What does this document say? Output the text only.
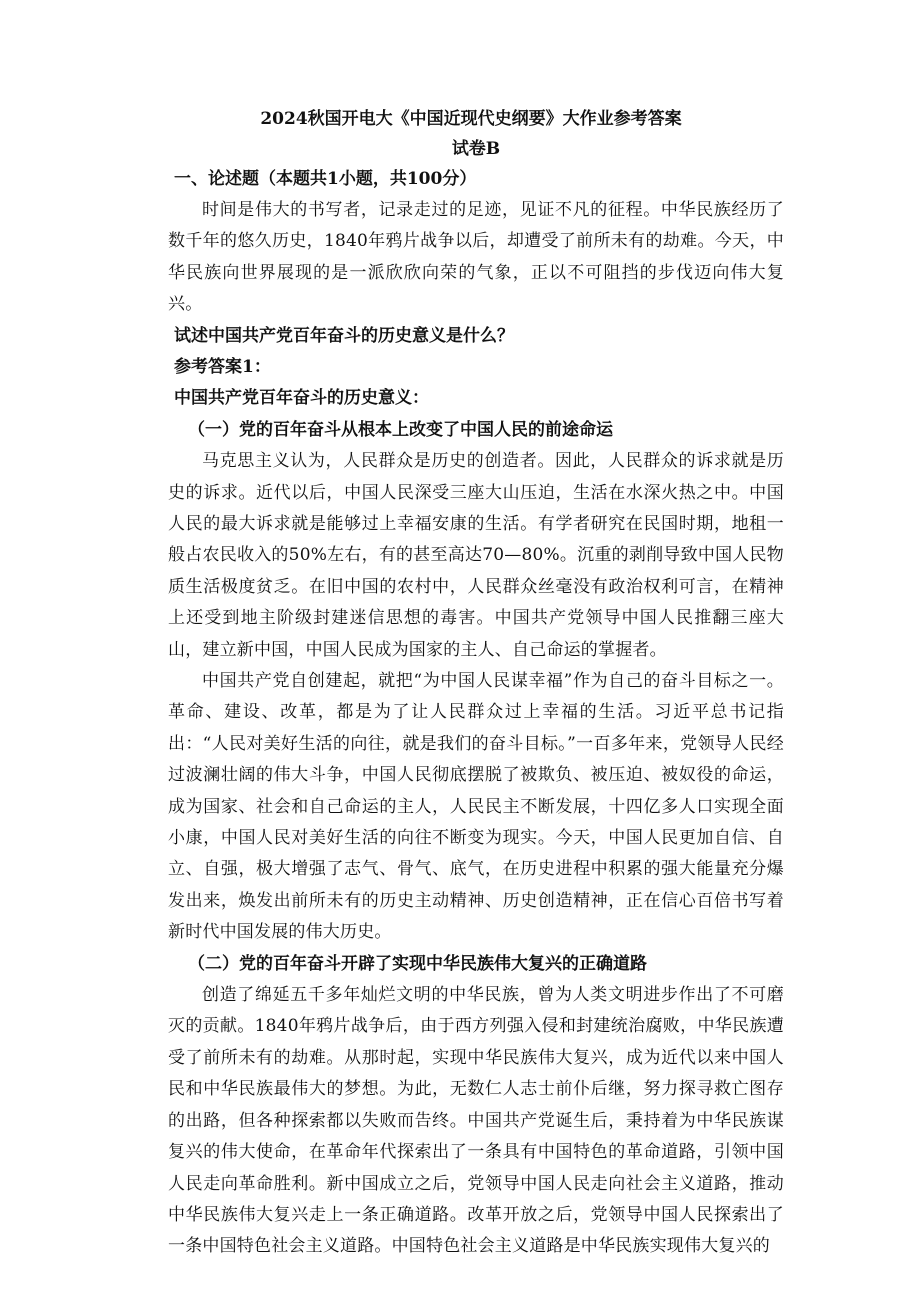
2024秋国开电大《中国近现代史纲要》大作业参考答案
试卷B
一、论述题（本题共1小题，共100分）

时间是伟大的书写者，记录走过的足迹，见证不凡的征程。中华民族经历了数千年的悠久历史，1840年鸦片战争以后，却遭受了前所未有的劫难。今天，中华民族向世界展现的是一派欣欣向荣的气象，正以不可阻挡的步伐迈向伟大复兴。

试述中国共产党百年奋斗的历史意义是什么？
参考答案1：
中国共产党百年奋斗的历史意义：
（一）党的百年奋斗从根本上改变了中国人民的前途命运

马克思主义认为，人民群众是历史的创造者。因此，人民群众的诉求就是历史的诉求。近代以后，中国人民深受三座大山压迫，生活在水深火热之中。中国人民的最大诉求就是能够过上幸福安康的生活。有学者研究在民国时期，地租一般占农民收入的50%左右，有的甚至高达70—80%。沉重的剥削导致中国人民物质生活极度贫乏。在旧中国的农村中，人民群众丝毫没有政治权利可言，在精神上还受到地主阶级封建迷信思想的毒害。中国共产党领导中国人民推翻三座大山，建立新中国，中国人民成为国家的主人、自己命运的掌握者。

中国共产党自创建起，就把“为中国人民谋幸福”作为自己的奋斗目标之一。革命、建设、改革，都是为了让人民群众过上幸福的生活。习近平总书记指出：“人民对美好生活的向往，就是我们的奋斗目标。”一百多年来，党领导人民经过波澜壮阔的伟大斗争，中国人民彻底摆脱了被欺负、被压迫、被奴役的命运，成为国家、社会和自己命运的主人，人民民主不断发展，十四亿多人口实现全面小康，中国人民对美好生活的向往不断变为现实。今天，中国人民更加自信、自立、自强，极大增强了志气、骨气、底气，在历史进程中积累的强大能量充分爆发出来，焕发出前所未有的历史主动精神、历史创造精神，正在信心百倍书写着新时代中国发展的伟大历史。

（二）党的百年奋斗开辟了实现中华民族伟大复兴的正确道路

创造了绵延五千多年灿烂文明的中华民族，曾为人类文明进步作出了不可磨灭的贡献。1840年鸦片战争后，由于西方列强入侵和封建统治腐败，中华民族遭受了前所未有的劫难。从那时起，实现中华民族伟大复兴，成为近代以来中国人民和中华民族最伟大的梦想。为此，无数仁人志士前仆后继，努力探寻救亡图存的出路，但各种探索都以失败而告终。中国共产党诞生后，秉持着为中华民族谋复兴的伟大使命，在革命年代探索出了一条具有中国特色的革命道路，引领中国人民走向革命胜利。新中国成立之后，党领导中国人民走向社会主义道路，推动中华民族伟大复兴走上一条正确道路。改革开放之后，党领导中国人民探索出了一条中国特色社会主义道路。中国特色社会主义道路是中华民族实现伟大复兴的
